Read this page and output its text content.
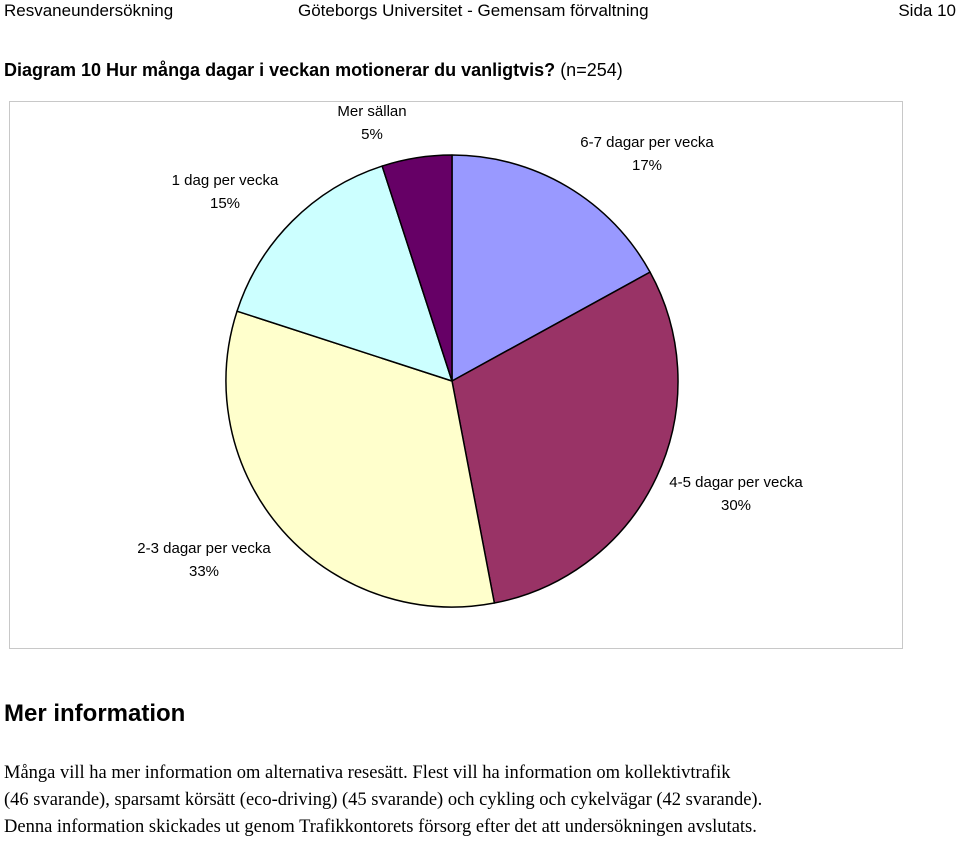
Resvaneundersökning	Göteborgs Universitet - Gemensam förvaltning	Sida 10
Diagram 10 Hur många dagar i veckan motionerar du vanligtvis? (n=254)
6-7 dagar per vecka
17%
4-5 dagar per vecka
30%
2-3 dagar per vecka
33%
1 dag per vecka
15%
Mer sällan
5%
Mer information

Många vill ha mer information om alternativa resesätt. Flest vill ha information om kollektivtrafik

(46 svarande), sparsamt körsätt (eco-driving) (45 svarande) och cykling och cykelvägar (42 svarande).

Denna information skickades ut genom Trafikkontorets försorg efter det att undersökningen avslutats.
